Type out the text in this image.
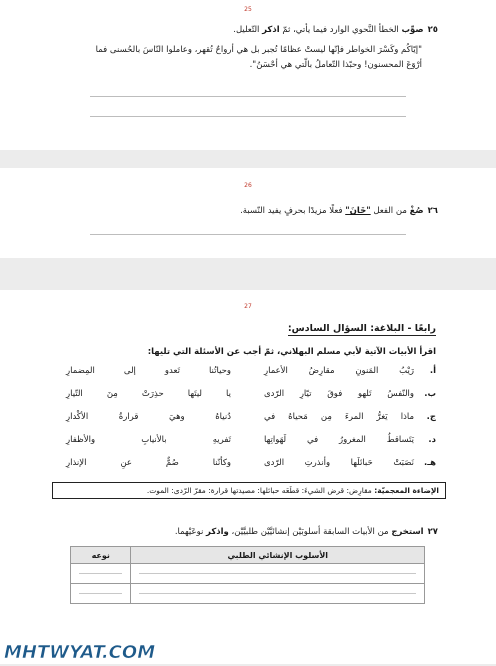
25
٢٥صوِّب الخطأ النَّحوي الوارد فيما يأتي، ثمّ اذكر التّعليل.
"إيّاكُم وكَسْرَ الخواطر فإنّها ليستْ عظامًا تُجبر بل هي أرواحٌ تُقهر، وعاملوا النّاسَ بالحُسنى فما
أرْوَعَ المحسنون! وحبّذا التّعاملُ بالّتي هي أحْسَنُ".
26
٢٦صُغْ من الفعل "خَانَ" فعلًا مزيدًا بحرفٍ يفيد النّسبة.
27
رابعًا - البلاغة: السؤال السادس:
اقرأ الأبيات الآتية لأبي مسلم البهلاني، ثمّ أجب عن الأسئلة التي تليها:
أ.
رَيْبُ المَنونِ مقارِضُ الأعمارِ
وحياتُنا تَعدو إلى المِضمارِ
ب.
والنّفسُ تَلهو فوقَ تيّارِ الرّدى
يا ليتَها حذِرَتْ مِنَ التّيارِ
ج.
ماذا يَغرُّ المرءَ مِن مَحياهُ في
دُنياهُ وهيَ قرارةُ الأكْدارِ
د.
يَتَساقطُ المغرورُ في لَهَواتِها
تَفريهِ بالأنيابِ والأظفارِ
هـ.
نَصَبَتْ حَبائلَها وأنذرتِ الرّدى
وكأنّنا صُمٌّ عنِ الإنذارِ
الإضاءة المعجميّة: مقارِض: قرض الشيءَ: قطَعَه حبائلها: مصيدتها قرارة: مقرّ الرّدى: الموت.
٢٧استخرج من الأبيات السابقة أسلوبَيْن إنشائيَّيْن طلبيَّيْن، واذكر نوعَيْهما.
الأسلوب الإنشائي الطلبي	نوعه

MHTWYAT.COM
